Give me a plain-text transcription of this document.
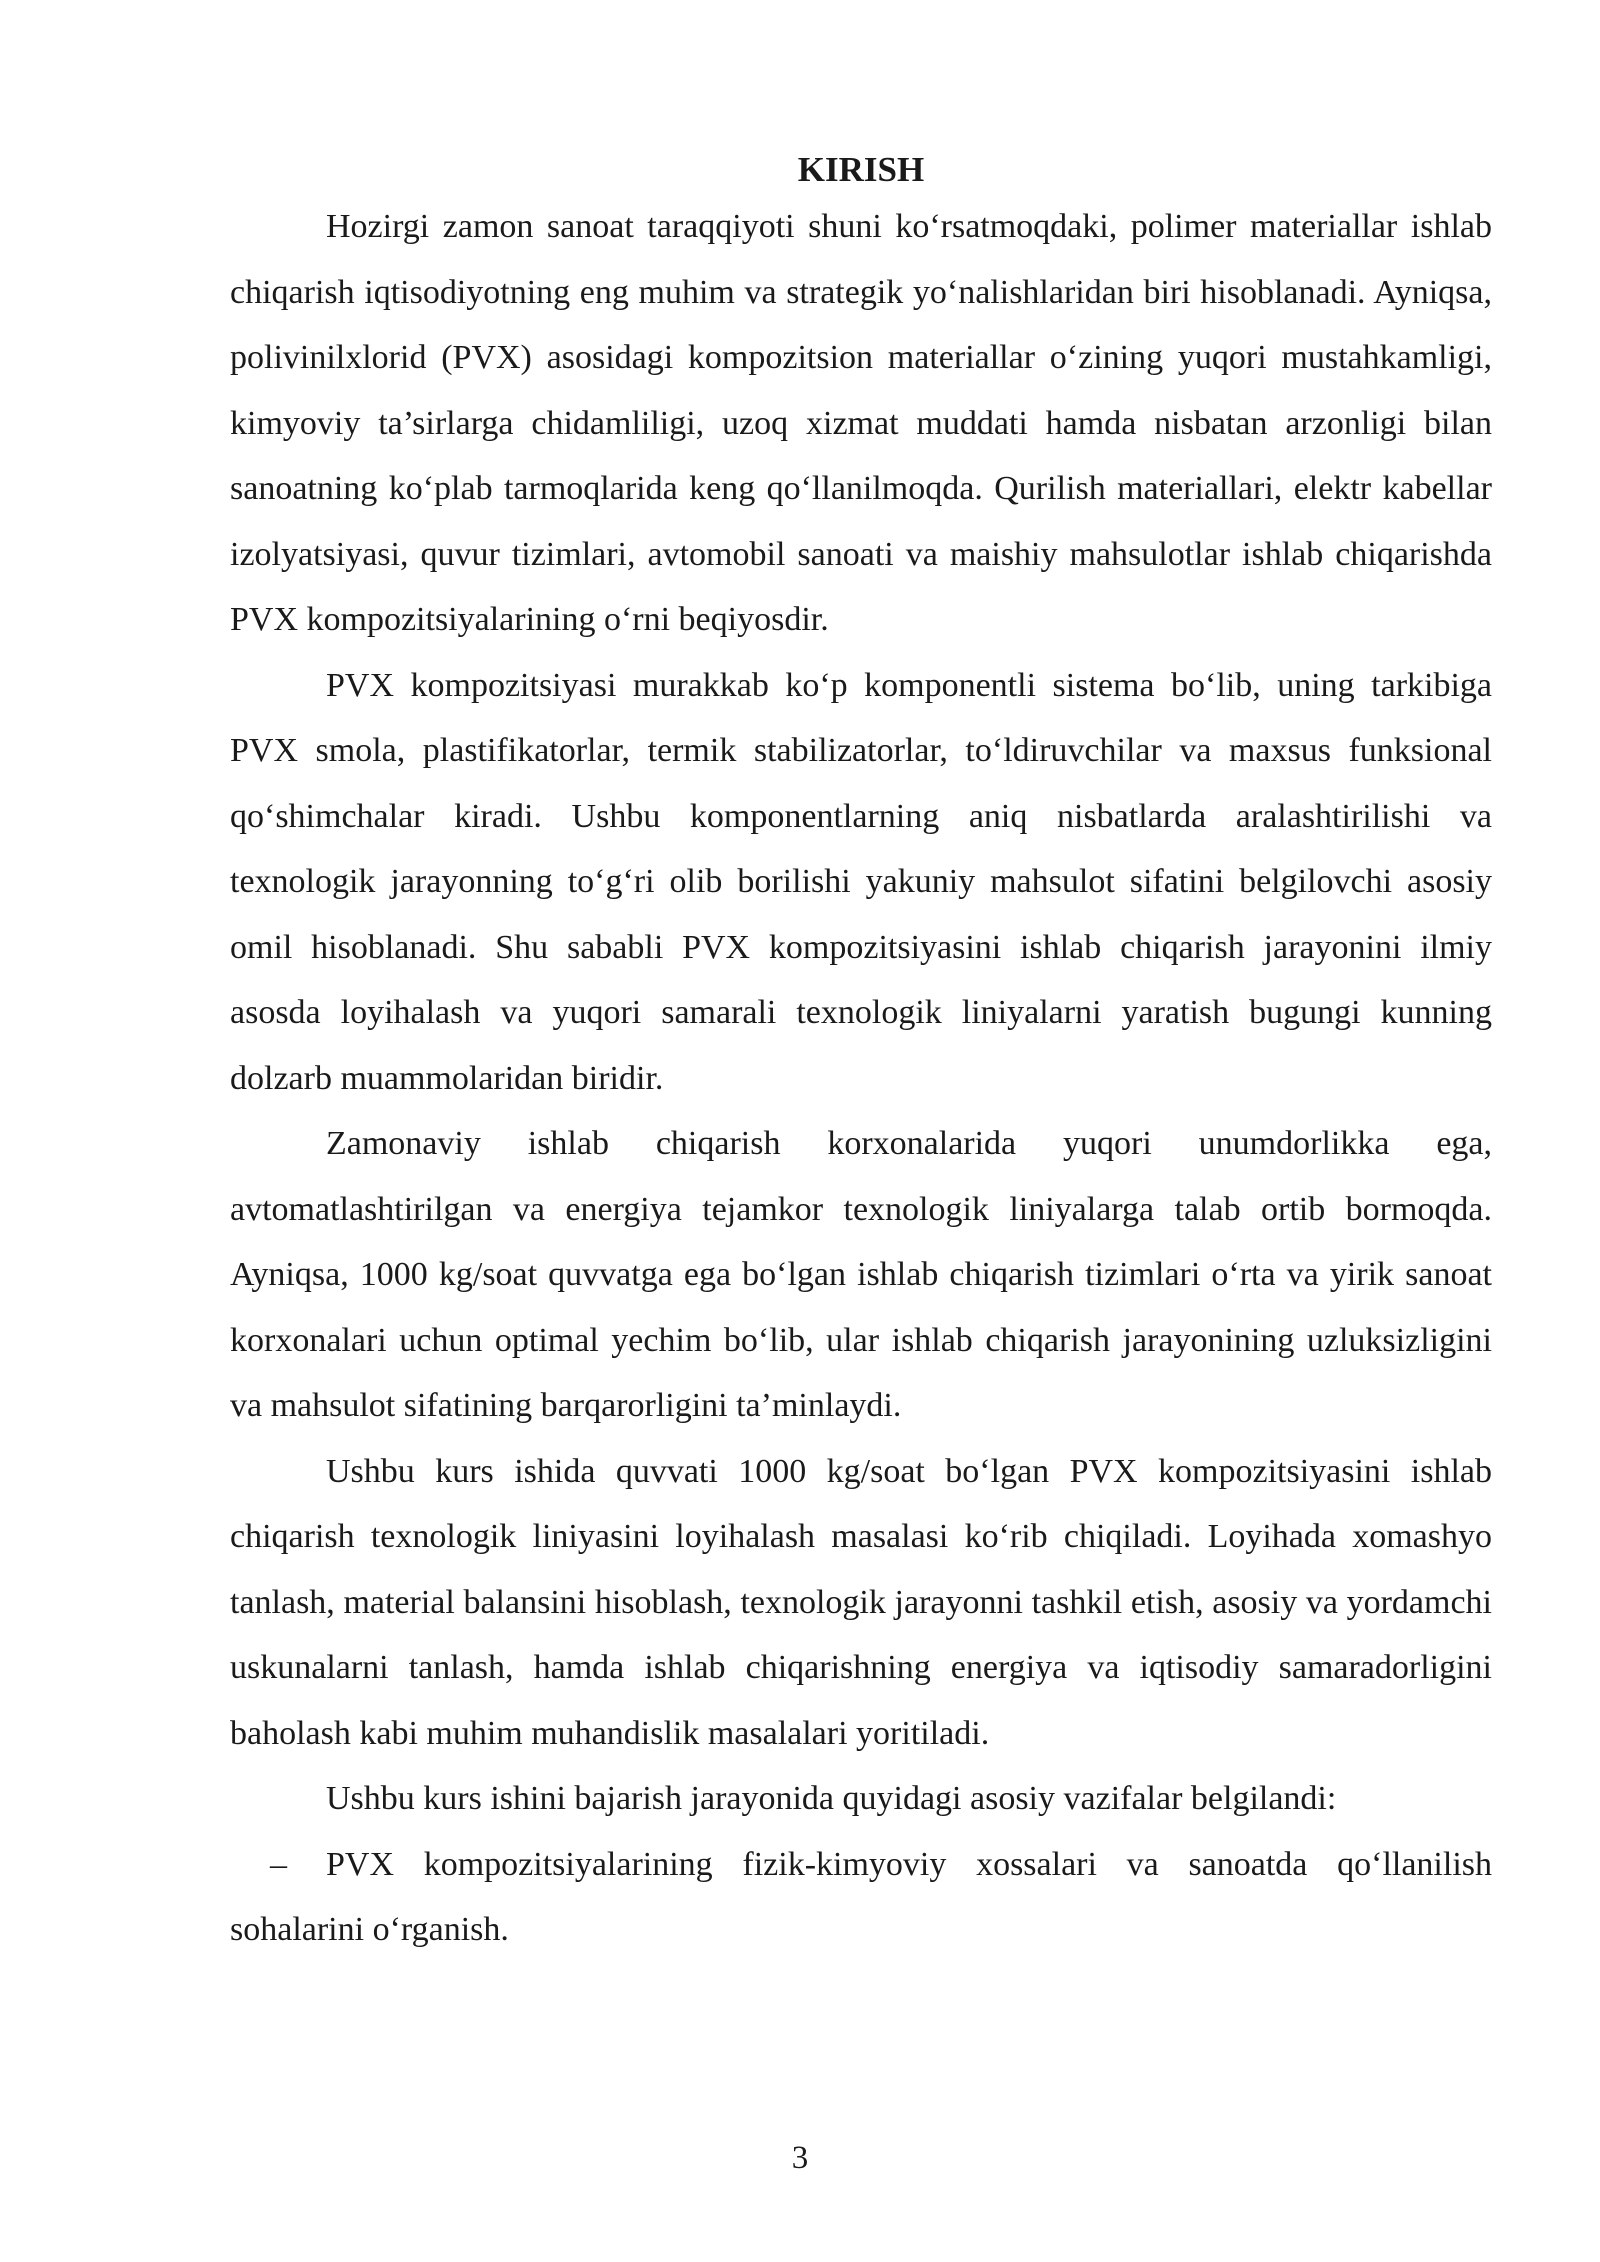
KIRISH

Hozirgi zamon sanoat taraqqiyoti shuni ko‘rsatmoqdaki, polimer materiallar ishlab chiqarish iqtisodiyotning eng muhim va strategik yo‘nalishlaridan biri hisoblanadi. Ayniqsa, polivinilxlorid (PVX) asosidagi kompozitsion materiallar o‘zining yuqori mustahkamligi, kimyoviy ta’sirlarga chidamliligi, uzoq xizmat muddati hamda nisbatan arzonligi bilan sanoatning ko‘plab tarmoqlarida keng qo‘llanilmoqda. Qurilish materiallari, elektr kabellar izolyatsiyasi, quvur tizimlari, avtomobil sanoati va maishiy mahsulotlar ishlab chiqarishda PVX kompozitsiyalarining o‘rni beqiyosdir.

PVX kompozitsiyasi murakkab ko‘p komponentli sistema bo‘lib, uning tarkibiga PVX smola, plastifikatorlar, termik stabilizatorlar, to‘ldiruvchilar va maxsus funksional qo‘shimchalar kiradi. Ushbu komponentlarning aniq nisbatlarda aralashtirilishi va texnologik jarayonning to‘g‘ri olib borilishi yakuniy mahsulot sifatini belgilovchi asosiy omil hisoblanadi. Shu sababli PVX kompozitsiyasini ishlab chiqarish jarayonini ilmiy asosda loyihalash va yuqori samarali texnologik liniyalarni yaratish bugungi kunning dolzarb muammolaridan biridir.

Zamonaviy ishlab chiqarish korxonalarida yuqori unumdorlikka ega, avtomatlashtirilgan va energiya tejamkor texnologik liniyalarga talab ortib bormoqda. Ayniqsa, 1000 kg/soat quvvatga ega bo‘lgan ishlab chiqarish tizimlari o‘rta va yirik sanoat korxonalari uchun optimal yechim bo‘lib, ular ishlab chiqarish jarayonining uzluksizligini va mahsulot sifatining barqarorligini ta’minlaydi.

Ushbu kurs ishida quvvati 1000 kg/soat bo‘lgan PVX kompozitsiyasini ishlab chiqarish texnologik liniyasini loyihalash masalasi ko‘rib chiqiladi. Loyihada xomashyo tanlash, material balansini hisoblash, texnologik jarayonni tashkil etish, asosiy va yordamchi uskunalarni tanlash, hamda ishlab chiqarishning energiya va iqtisodiy samaradorligini baholash kabi muhim muhandislik masalalari yoritiladi.

Ushbu kurs ishini bajarish jarayonida quyidagi asosiy vazifalar belgilandi:

– PVX kompozitsiyalarining fizik-kimyoviy xossalari va sanoatda qo‘llanilish sohalarini o‘rganish.

3
